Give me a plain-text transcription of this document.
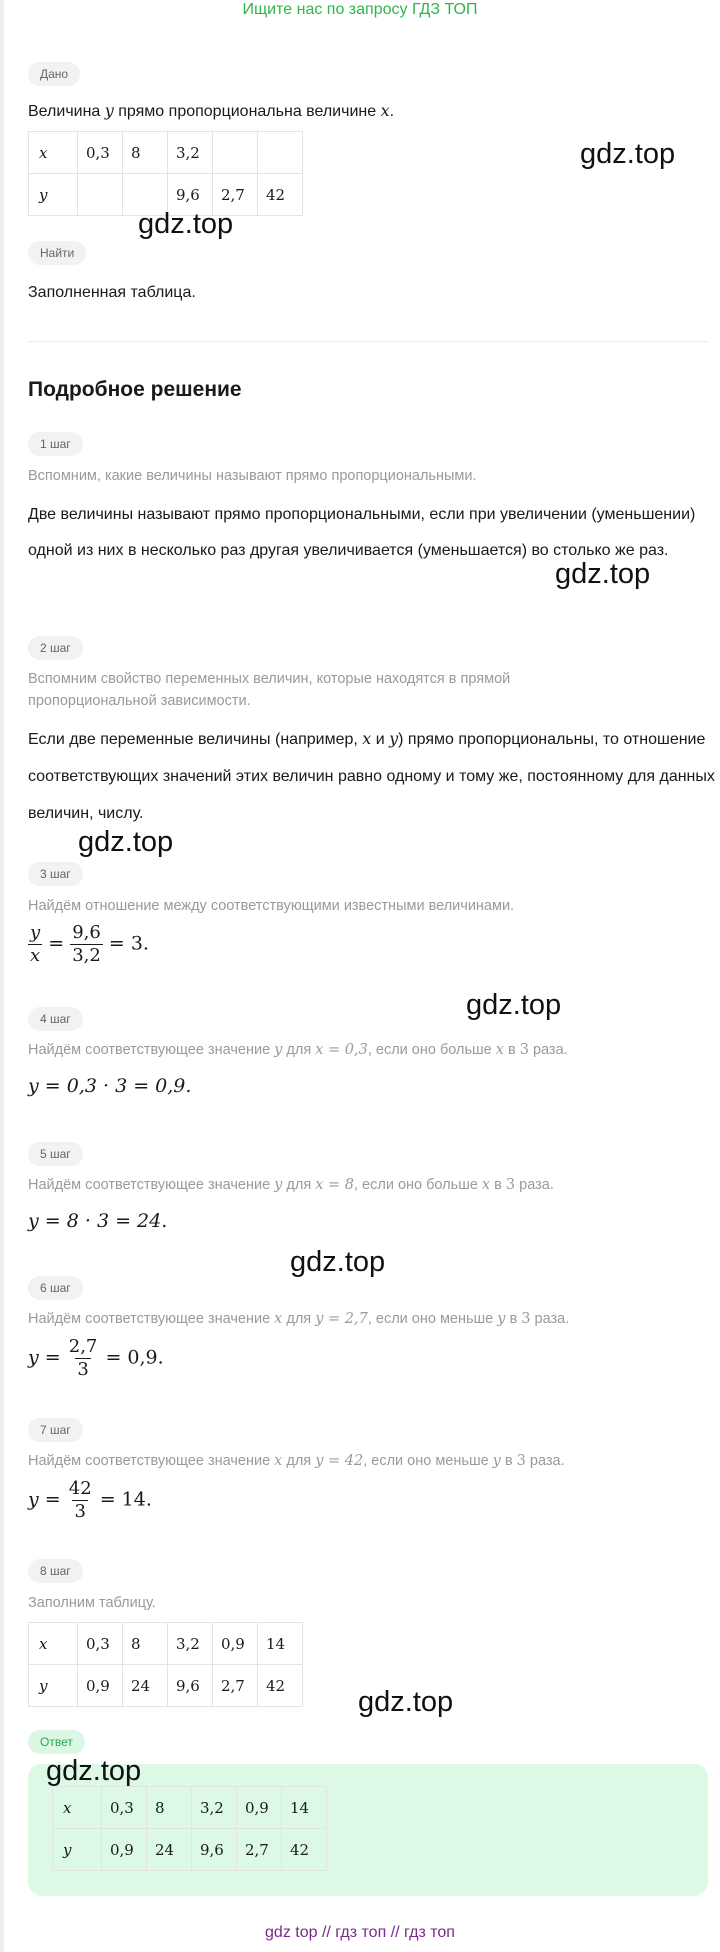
Ищите нас по запросу ГДЗ ТОП
Дано

Величина y прямо пропорциональна величине x.

x	0,3	8	3,2		
y			9,6	2,7	42
Найти

Заполненная таблица.

Подробное решение
1 шаг

Вспомним, какие величины называют прямо пропорциональными.

Две величины называют прямо пропорциональными, если при увеличении (уменьшении) одной из них в несколько раз другая увеличивается (уменьшается) во столько же раз.

2 шаг

Вспомним свойство переменных величин, которые находятся в прямой пропорциональной зависимости.

Если две переменные величины (например, x и y) прямо пропорциональны, то отношение соответствующих значений этих величин равно одному и тому же, постоянному для данных величин, числу.

3 шаг

Найдём отношение между соответствующими известными величинами.

$\frac{y}{x} = \frac{9,6}{3,2} = 3$.
4 шаг

Найдём соответствующее значение y для x = 0,3, если оно больше x в 3 раза.

y = 0,3 · 3 = 0,9.
5 шаг

Найдём соответствующее значение y для x = 8, если оно больше x в 3 раза.

y = 8 · 3 = 24.
6 шаг

Найдём соответствующее значение x для y = 2,7, если оно меньше y в 3 раза.

$y = \frac{2,7}{3} = 0,9$.
7 шаг

Найдём соответствующее значение x для y = 42, если оно меньше y в 3 раза.

$y = \frac{42}{3} = 14$.
8 шаг

Заполним таблицу.

x	0,3	8	3,2	0,9	14
y	0,9	24	9,6	2,7	42
Ответ
x	0,3	8	3,2	0,9	14
y	0,9	24	9,6	2,7	42
gdz.top
gdz.top
gdz.top
gdz.top
gdz.top
gdz.top
gdz.top
gdz.top
gdz top // гдз топ // гдз топ
